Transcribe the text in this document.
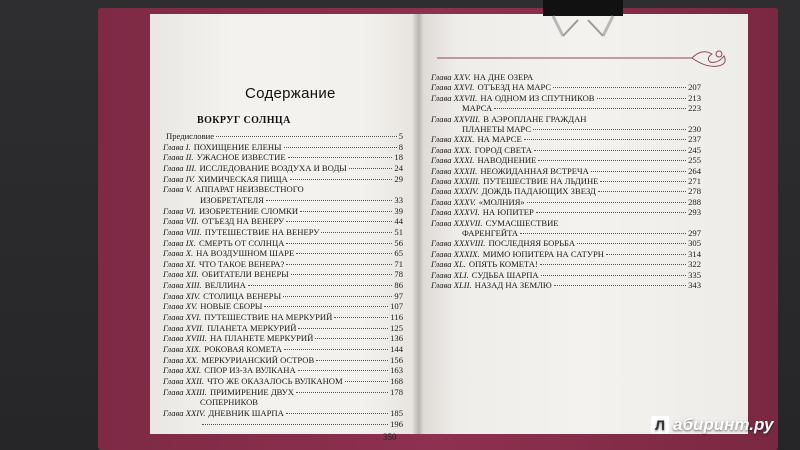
Содержание
ВОКРУГ СОЛНЦА
Предисловие	5
Глава I. ПОХИЩЕНИЕ ЕЛЕНЫ	8
Глава II. УЖАСНОЕ ИЗВЕСТИЕ	18
Глава III. ИССЛЕДОВАНИЕ ВОЗДУХА И ВОДЫ	24
Глава IV. ХИМИЧЕСКАЯ ПИЩА	29
Глава V. АППАРАТ НЕИЗВЕСТНОГО
ИЗОБРЕТАТЕЛЯ	33
Глава VI. ИЗОБРЕТЕНИЕ СЛОМКИ	39
Глава VII. ОТЪЕЗД НА ВЕНЕРУ	44
Глава VIII. ПУТЕШЕСТВИЕ НА ВЕНЕРУ	51
Глава IX. СМЕРТЬ ОТ СОЛНЦА	56
Глава X. НА ВОЗДУШНОМ ШАРЕ	65
Глава XI. ЧТО ТАКОЕ ВЕНЕРА?	71
Глава XII. ОБИТАТЕЛИ ВЕНЕРЫ	78
Глава XIII. ВЕЛЛИНА	86
Глава XIV. СТОЛИЦА ВЕНЕРЫ	97
Глава XV. НОВЫЕ СБОРЫ	107
Глава XVI. ПУТЕШЕСТВИЕ НА МЕРКУРИЙ	116
Глава XVII. ПЛАНЕТА МЕРКУРИЙ	125
Глава XVIII. НА ПЛАНЕТЕ МЕРКУРИЙ	136
Глава XIX. РОКОВАЯ КОМЕТА	144
Глава XX. МЕРКУРИАНСКИЙ ОСТРОВ	156
Глава XXI. СПОР ИЗ-ЗА ВУЛКАНА	163
Глава XXII. ЧТО ЖЕ ОКАЗАЛОСЬ ВУЛКАНОМ	168
Глава XXIII. ПРИМИРЕНИЕ ДВУХ	178
СОПЕРНИКОВ
Глава XXIV. ДНЕВНИК ШАРПА	185
196
350
Глава XXV. НА ДНЕ ОЗЕРА
Глава XXVI. ОТЪЕЗД НА МАРС	207
Глава XXVII. НА ОДНОМ ИЗ СПУТНИКОВ	213
МАРСА	223
Глава XXVIII. В АЭРОПЛАНЕ ГРАЖДАН
ПЛАНЕТЫ МАРС	230
Глава XXIX. НА МАРСЕ	237
Глава XXX. ГОРОД СВЕТА	245
Глава XXXI. НАВОДНЕНИЕ	255
Глава XXXII. НЕОЖИДАННАЯ ВСТРЕЧА	264
Глава XXXIII. ПУТЕШЕСТВИЕ НА ЛЬДИНЕ	271
Глава XXXIV. ДОЖДЬ ПАДАЮЩИХ ЗВЕЗД	278
Глава XXXV. «МОЛНИЯ»	288
Глава XXXVI. НА ЮПИТЕР	293
Глава XXXVII. СУМАСШЕСТВИЕ
ФАРЕНГЕЙТА	297
Глава XXXVIII. ПОСЛЕДНЯЯ БОРЬБА	305
Глава XXXIX. МИМО ЮПИТЕРА НА САТУРН	314
Глава XL. ОПЯТЬ КОМЕТА!	322
Глава XLI. СУДЬБА ШАРПА	335
Глава XLII. НАЗАД НА ЗЕМЛЮ	343
Л абиринт.ру
